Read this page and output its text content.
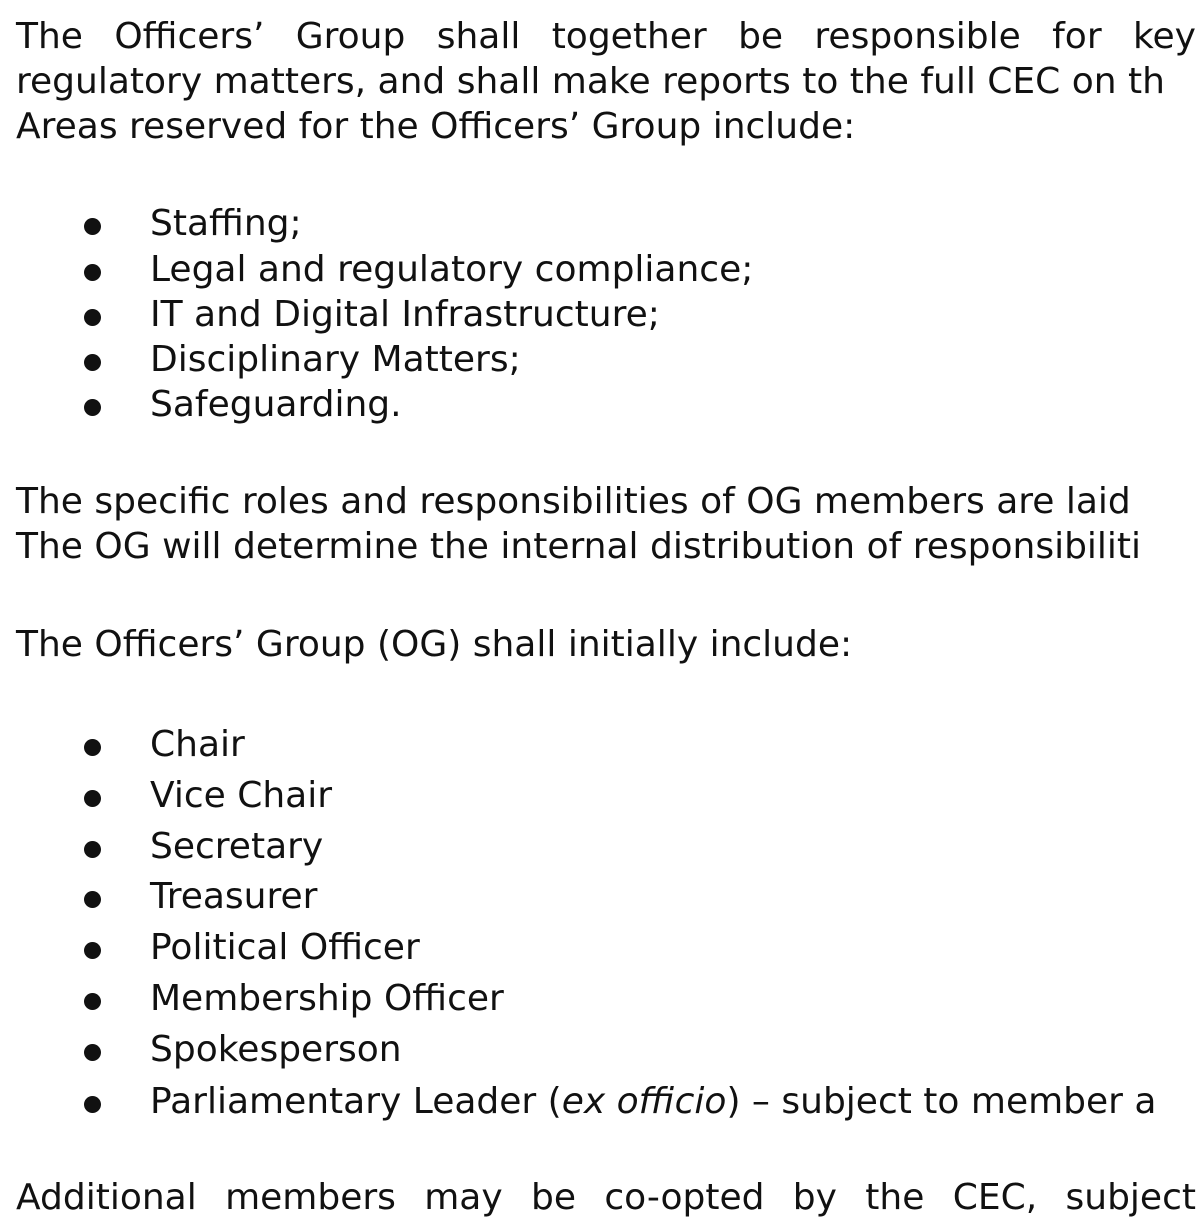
The Officers’ Group shall together be responsible for key
regulatory matters, and shall make reports to the full CEC on th
Areas reserved for the Officers’ Group include:
Staffing;
Legal and regulatory compliance;
IT and Digital Infrastructure;
Disciplinary Matters;
Safeguarding.
The specific roles and responsibilities of OG members are laid
The OG will determine the internal distribution of responsibiliti
The Officers’ Group (OG) shall initially include:
Chair
Vice Chair
Secretary
Treasurer
Political Officer
Membership Officer
Spokesperson
Parliamentary Leader (ex officio) – subject to member a
Additional members may be co-opted by the CEC, subject
